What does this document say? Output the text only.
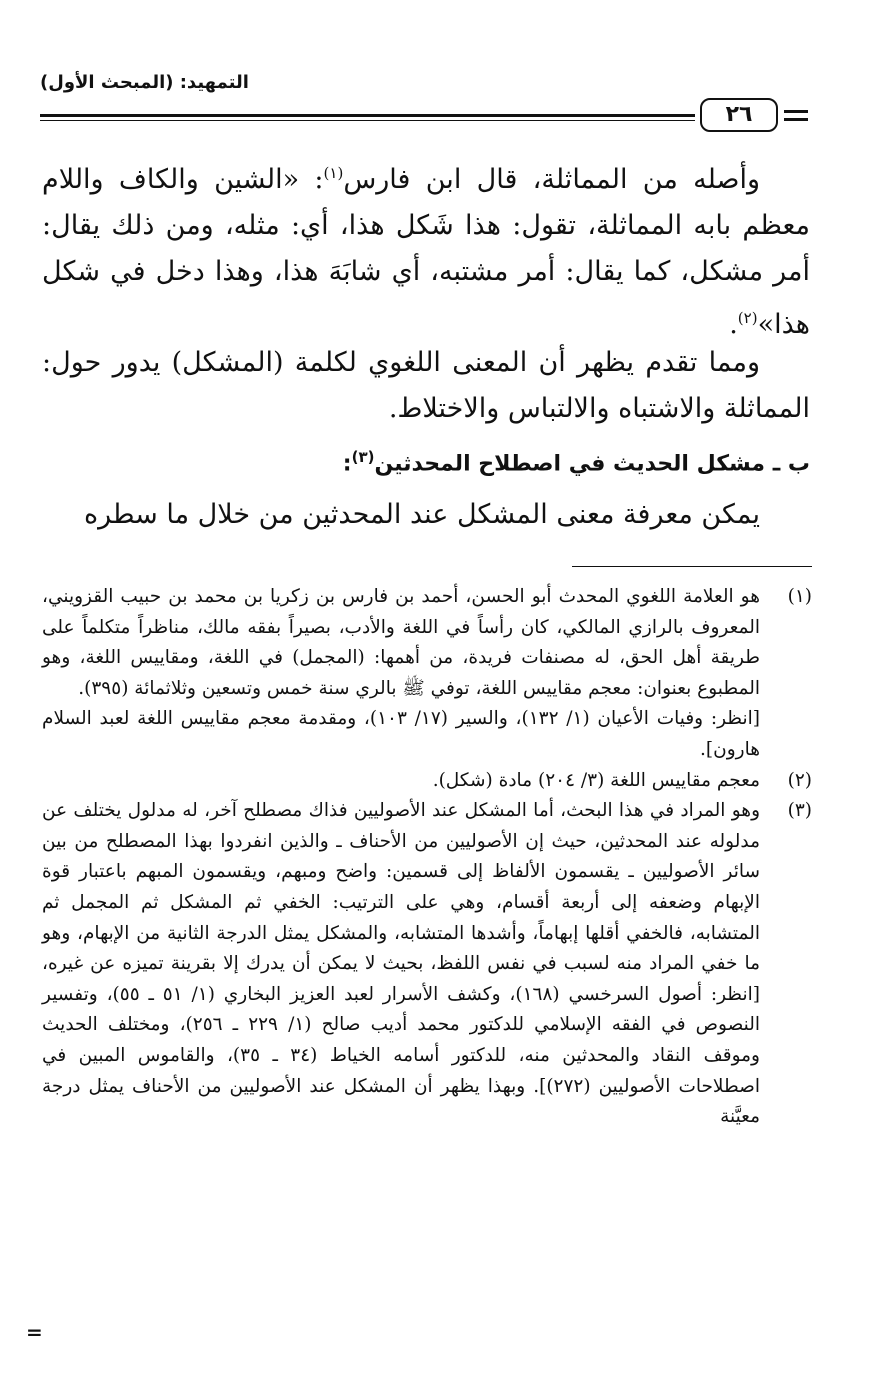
التمهيد: (المبحث الأول)
٢٦

وأصله من المماثلة، قال ابن فارس$^{(١)}$: «الشين والكاف واللام معظم بابه المماثلة، تقول: هذا شَكل هذا، أي: مثله، ومن ذلك يقال: أمر مشكل، كما يقال: أمر مشتبه، أي شابَهَ هذا، وهذا دخل في شكل هذا»$^{(٢)}$.

ومما تقدم يظهر أن المعنى اللغوي لكلمة (المشكل) يدور حول: المماثلة والاشتباه والالتباس والاختلاط.

ب ـ مشكل الحديث في اصطلاح المحدثين$^{(٣)}$:

يمكن معرفة معنى المشكل عند المحدثين من خلال ما سطره

(١)

هو العلامة اللغوي المحدث أبو الحسن، أحمد بن فارس بن زكريا بن محمد بن حبيب القزويني، المعروف بالرازي المالكي، كان رأساً في اللغة والأدب، بصيراً بفقه مالك، مناظراً متكلماً على طريقة أهل الحق، له مصنفات فريدة، من أهمها: (المجمل) في اللغة، ومقاييس اللغة، وهو المطبوع بعنوان: معجم مقاييس اللغة، توفي ﷺ بالري سنة خمس وتسعين وثلاثمائة (٣٩٥).

[انظر: وفيات الأعيان (١/ ١٣٢)، والسير (١٧/ ١٠٣)، ومقدمة معجم مقاييس اللغة لعبد السلام هارون].

(٢)

معجم مقاييس اللغة (٣/ ٢٠٤) مادة (شكل).

(٣)

وهو المراد في هذا البحث، أما المشكل عند الأصوليين فذاك مصطلح آخر، له مدلول يختلف عن مدلوله عند المحدثين، حيث إن الأصوليين من الأحناف ـ والذين انفردوا بهذا المصطلح من بين سائر الأصوليين ـ يقسمون الألفاظ إلى قسمين: واضح ومبهم، ويقسمون المبهم باعتبار قوة الإبهام وضعفه إلى أربعة أقسام، وهي على الترتيب: الخفي ثم المشكل ثم المجمل ثم المتشابه، فالخفي أقلها إبهاماً، وأشدها المتشابه، والمشكل يمثل الدرجة الثانية من الإبهام، وهو ما خفي المراد منه لسبب في نفس اللفظ، بحيث لا يمكن أن يدرك إلا بقرينة تميزه عن غيره، [انظر: أصول السرخسي (١٦٨)، وكشف الأسرار لعبد العزيز البخاري (١/ ٥١ ـ ٥٥)، وتفسير النصوص في الفقه الإسلامي للدكتور محمد أديب صالح (١/ ٢٢٩ ـ ٢٥٦)، ومختلف الحديث وموقف النقاد والمحدثين منه، للدكتور أسامه الخياط (٣٤ ـ ٣٥)، والقاموس المبين في اصطلاحات الأصوليين (٢٧٢)]. وبهذا يظهر أن المشكل عند الأصوليين من الأحناف يمثل درجة معيَّنة

=
